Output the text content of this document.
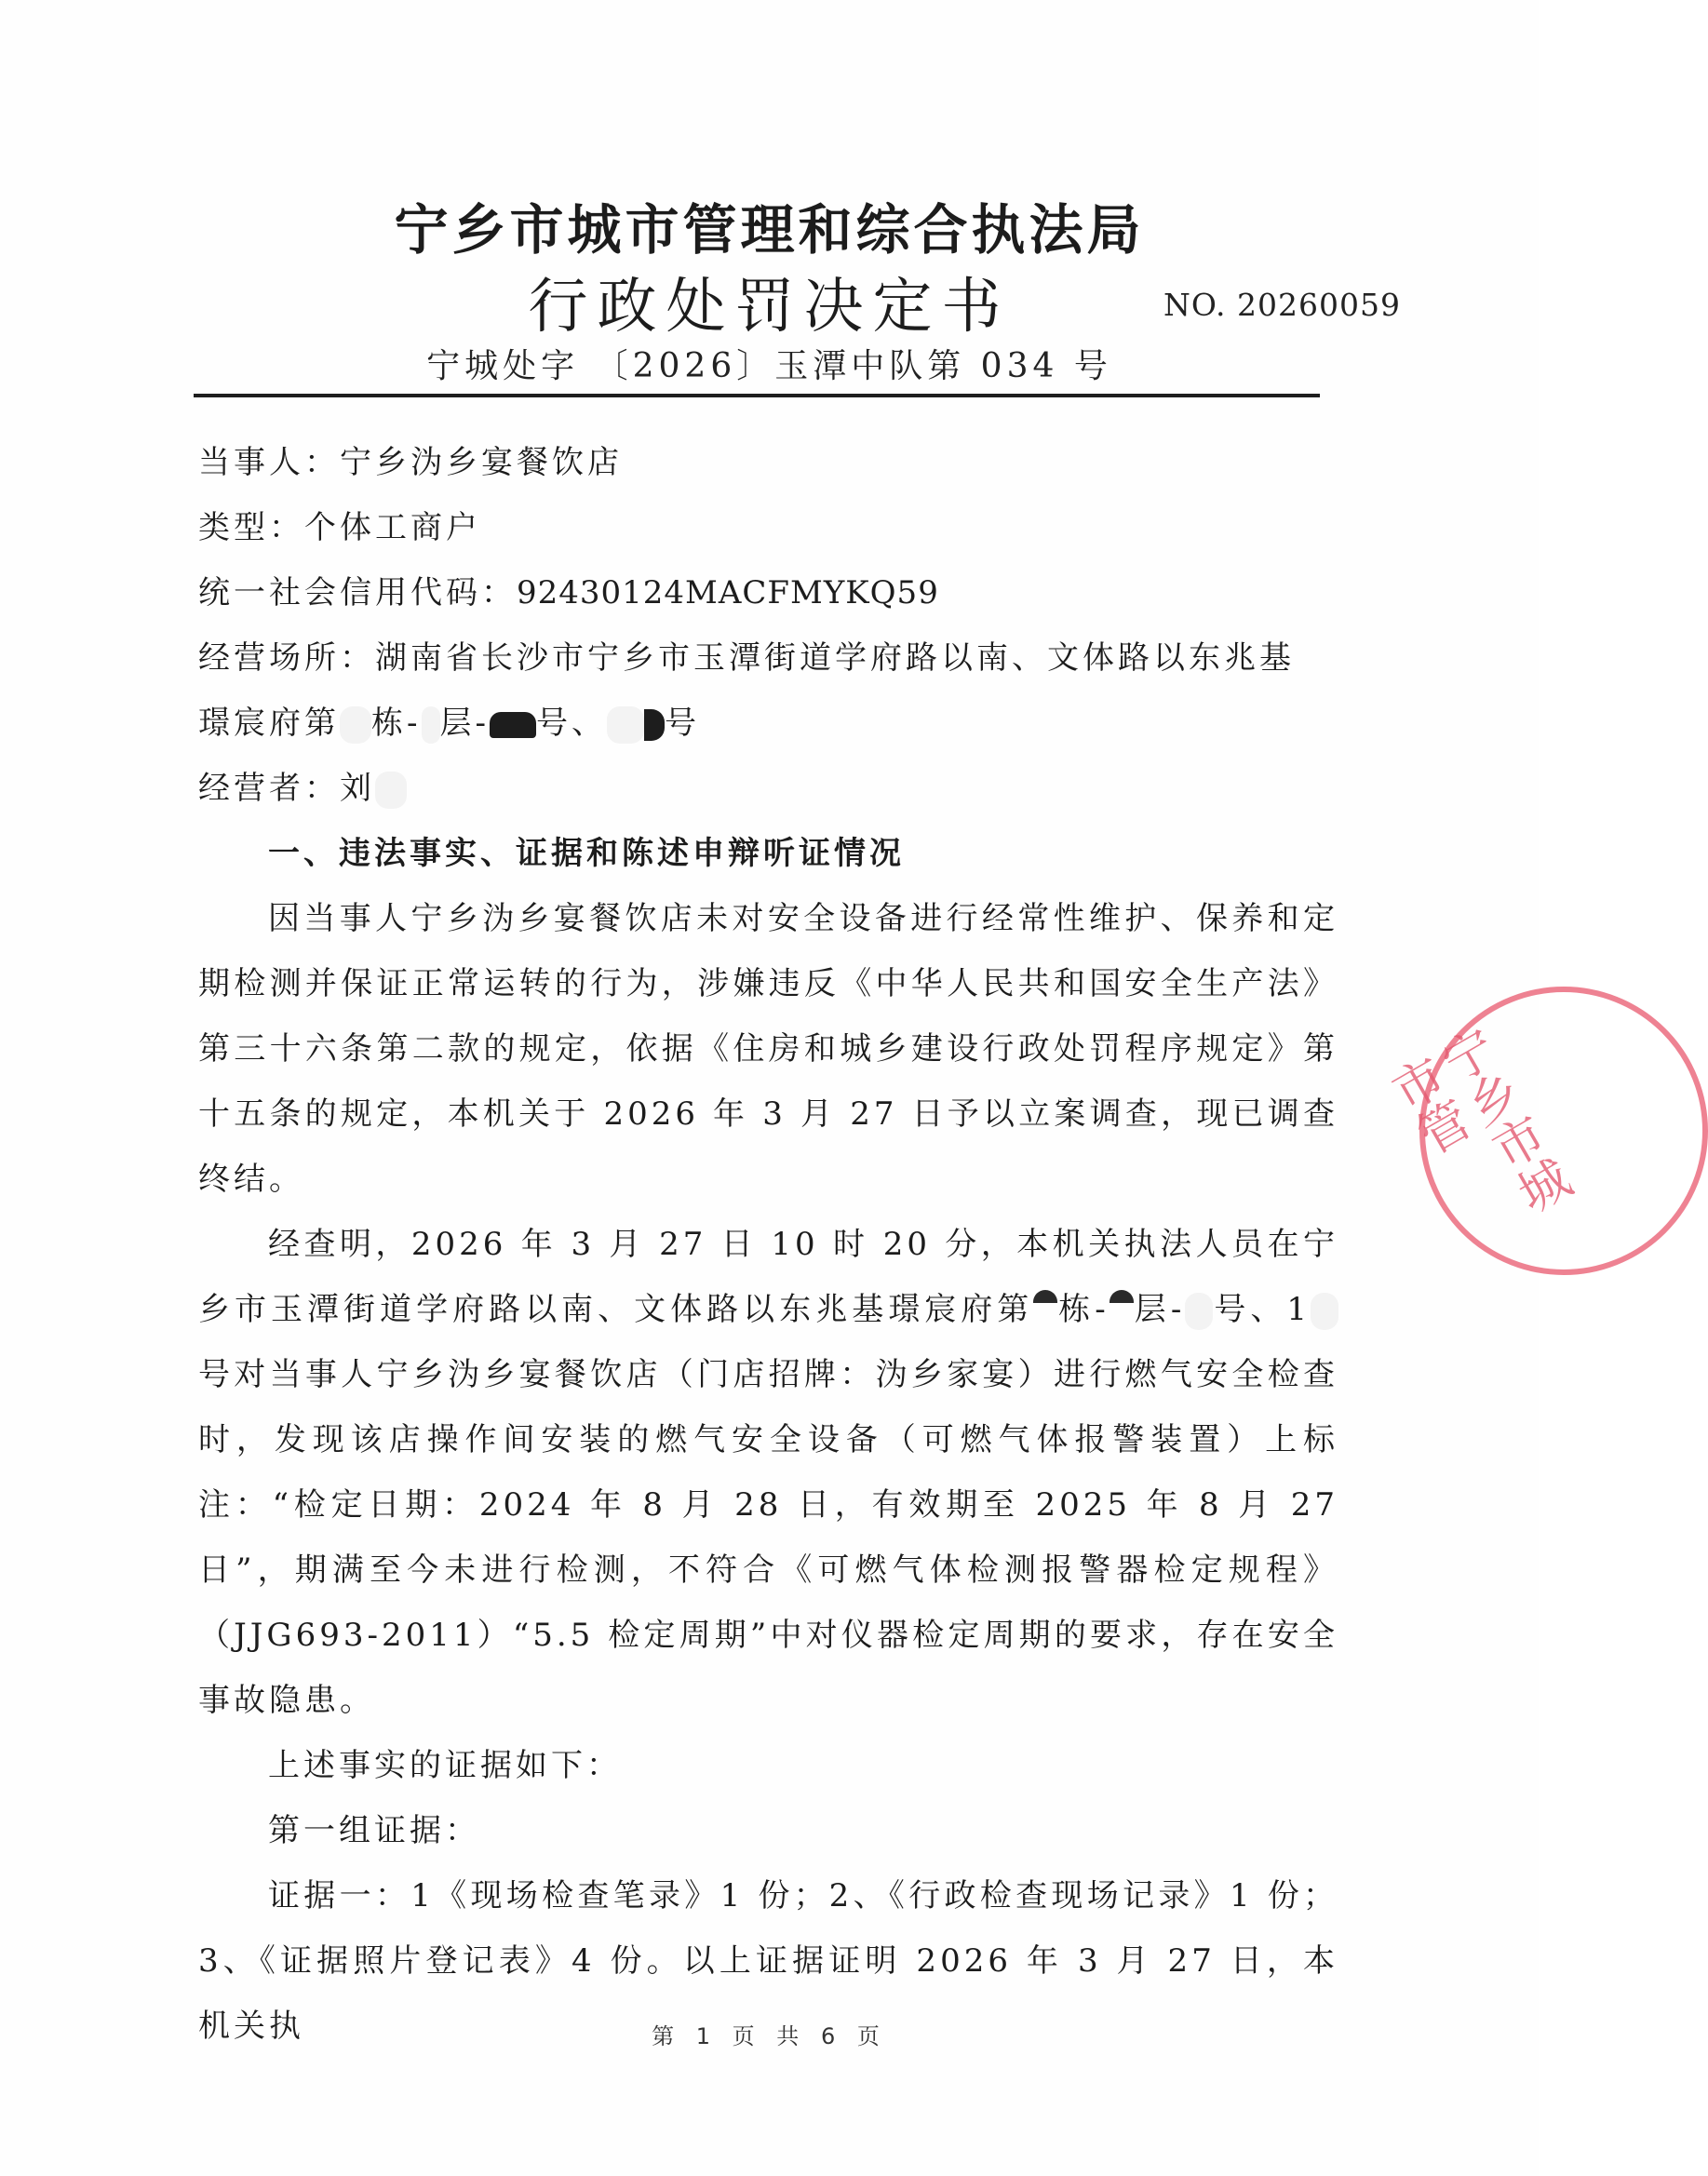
宁乡市城市管理和综合执法局
行政处罚决定书	NO. 20260059
宁城处字 〔2026〕玉潭中队第 034 号

当事人：宁乡沩乡宴餐饮店

类型：个体工商户

统一社会信用代码：92430124MACFMYKQ59

经营场所：湖南省长沙市宁乡市玉潭街道学府路以南、文体路以东兆基

璟宸府第 栋- 层- 号、 号

经营者：刘

一、违法事实、证据和陈述申辩听证情况

因当事人宁乡沩乡宴餐饮店未对安全设备进行经常性维护、保养和定期检测并保证正常运转的行为，涉嫌违反《中华人民共和国安全生产法》第三十六条第二款的规定，依据《住房和城乡建设行政处罚程序规定》第十五条的规定，本机关于 2026 年 3 月 27 日予以立案调查，现已调查终结。

经查明，2026 年 3 月 27 日 10 时 20 分，本机关执法人员在宁乡市玉潭街道学府路以南、文体路以东兆基璟宸府第 栋- 层- 号、1号对当事人宁乡沩乡宴餐饮店（门店招牌：沩乡家宴）进行燃气安全检查时，发现该店操作间安装的燃气安全设备（可燃气体报警装置）上标注：“检定日期：2024 年 8 月 28 日，有效期至 2025 年 8 月 27 日”，期满至今未进行检测，不符合《可燃气体检测报警器检定规程》（JJG693-2011）“5.5 检定周期”中对仪器检定周期的要求，存在安全事故隐患。

上述事实的证据如下：

第一组证据：

证据一：1《现场检查笔录》1 份；2、《行政检查现场记录》1 份；3、《证据照片登记表》4 份。以上证据证明 2026 年 3 月 27 日，本机关执	第 1 页 共 6 页
宁乡市城市管
